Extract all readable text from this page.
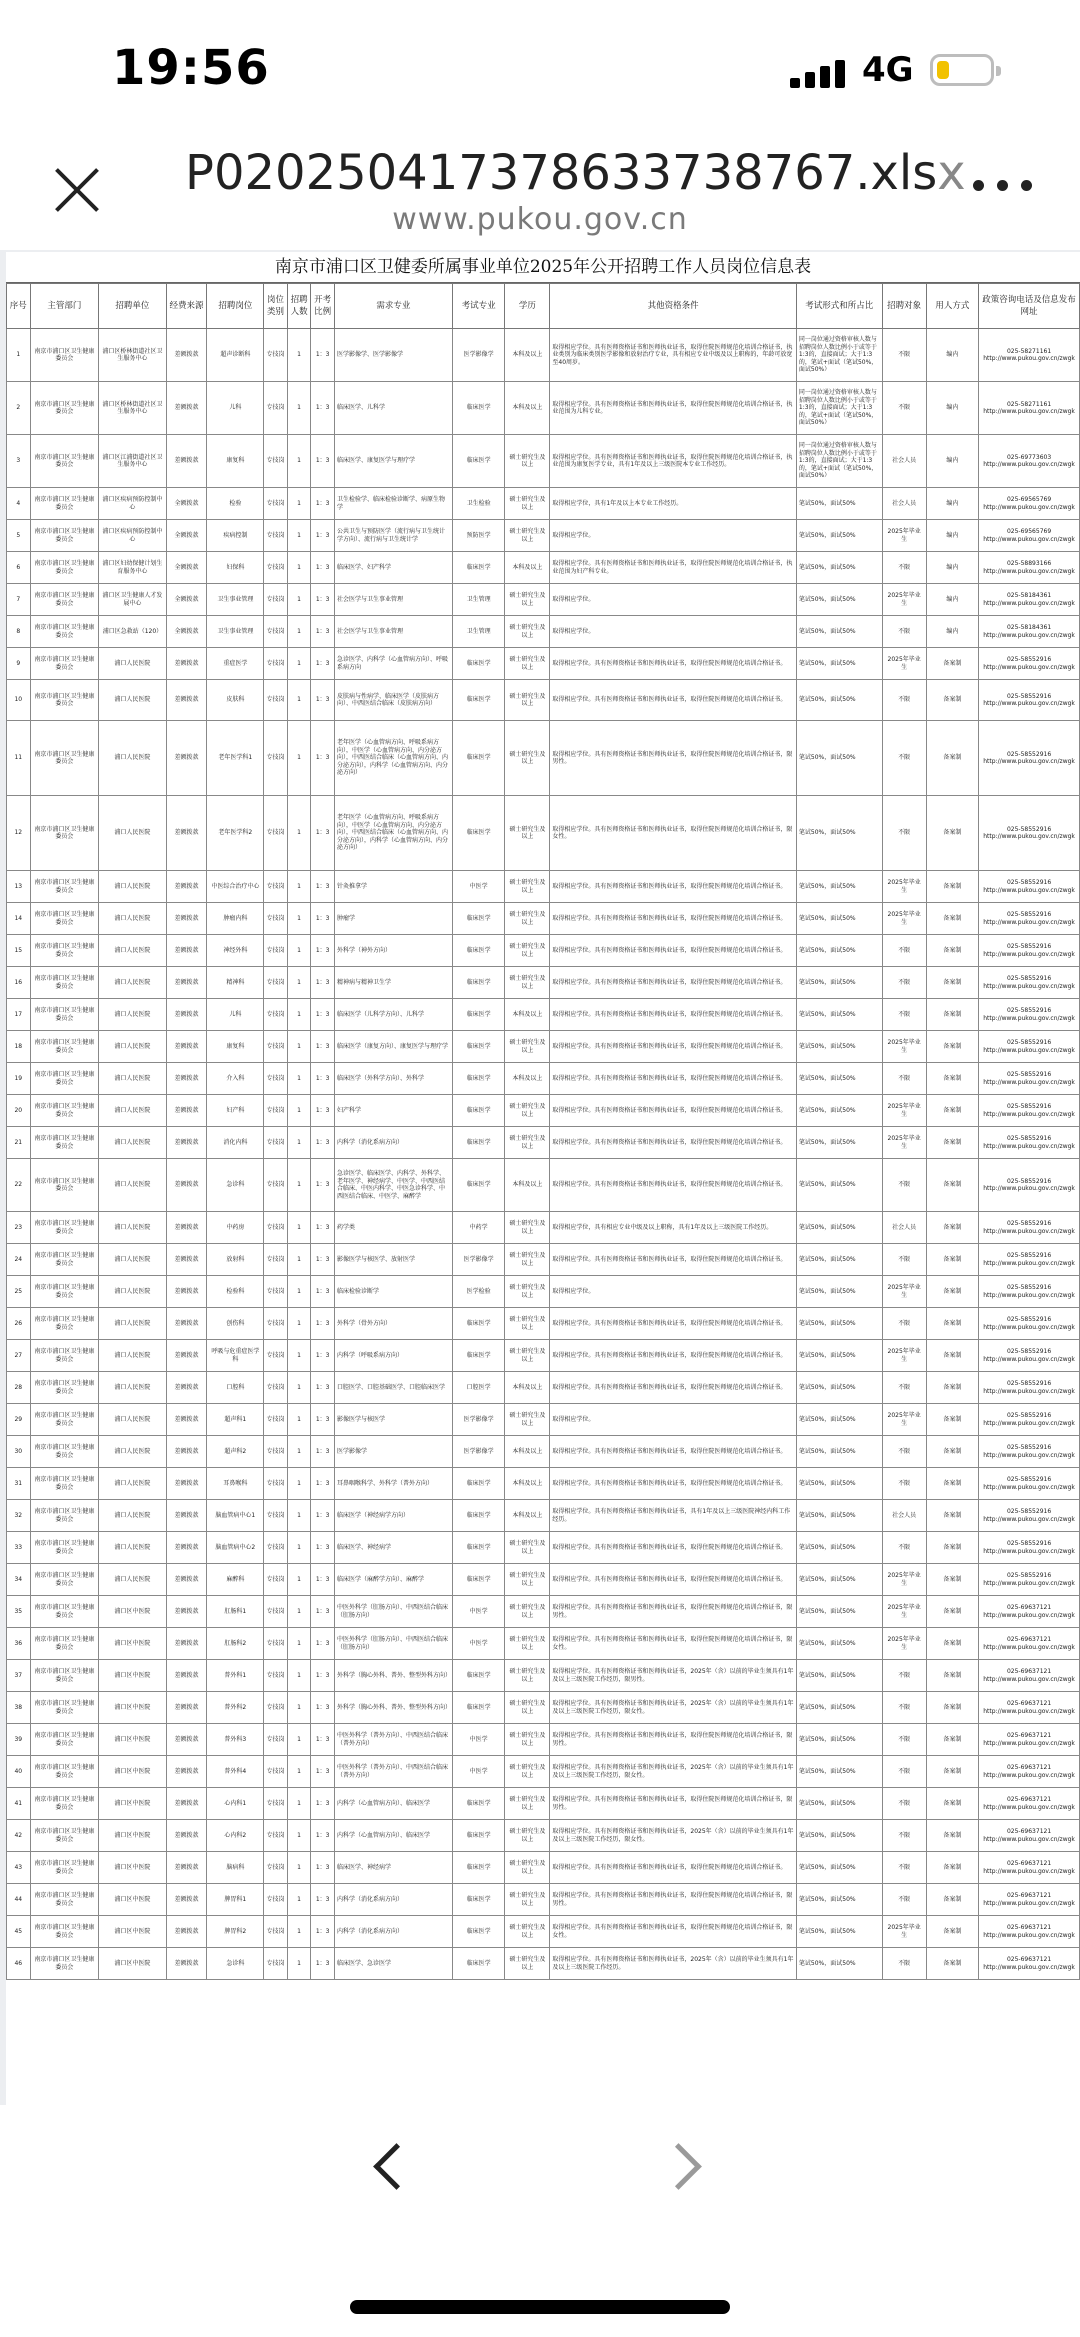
19:56	4G
P020250417378633738767.xlsx
www.pukou.gov.cn
南京市浦口区卫健委所属事业单位2025年公开招聘工作人员岗位信息表
序号	主管部门	招聘单位	经费来源	招聘岗位	岗位类别	招聘人数	开考比例	需求专业	考试专业	学历	其他资格条件	考试形式和所占比	招聘对象	用人方式	政策咨询电话及信息发布网址
1	南京市浦口区卫生健康委员会	浦口区桥林街道社区卫生服务中心	差额拨款	超声诊断科	专技岗	1	1：3	医学影像学、医学影像学	医学影像学	本科及以上	取得相应学位。具有医师资格证书和医师执业证书，取得住院医师规范化培训合格证书，执业类别为临床类别医学影像和放射治疗专业，具有相应专业中级及以上职称的，年龄可放宽至40周岁。	同一岗位通过资格审核人数与招聘岗位人数比例小于或等于1:3的，直接面试；大于1:3的，笔试+面试（笔试50%，面试50%）	不限	编内	025-58271161 http://www.pukou.gov.cn/zwgk
2	南京市浦口区卫生健康委员会	浦口区桥林街道社区卫生服务中心	差额拨款	儿科	专技岗	1	1：3	临床医学、儿科学	临床医学	本科及以上	取得相应学位。具有医师资格证书和医师执业证书，取得住院医师规范化培训合格证书，执业范围为儿科专业。	同一岗位通过资格审核人数与招聘岗位人数比例小于或等于1:3的，直接面试；大于1:3的，笔试+面试（笔试50%，面试50%）	不限	编内	025-58271161 http://www.pukou.gov.cn/zwgk
3	南京市浦口区卫生健康委员会	浦口区江浦街道社区卫生服务中心	差额拨款	康复科	专技岗	1	1：3	临床医学、康复医学与理疗学	临床医学	硕士研究生及以上	取得相应学位。具有医师资格证书和医师执业证书，取得住院医师规范化培训合格证书，执业范围为康复医学专业，具有1年及以上三级医院本专业工作经历。	同一岗位通过资格审核人数与招聘岗位人数比例小于或等于1:3的，直接面试；大于1:3的，笔试+面试（笔试50%，面试50%）	社会人员	编内	025-69773603 http://www.pukou.gov.cn/zwgk
4	南京市浦口区卫生健康委员会	浦口区疾病预防控制中心	全额拨款	检验	专技岗	1	1：3	卫生检验学、临床检验诊断学、病原生物学	卫生检验	硕士研究生及以上	取得相应学位，具有1年及以上本专业工作经历。	笔试50%，面试50%	社会人员	编内	025-69565769 http://www.pukou.gov.cn/zwgk
5	南京市浦口区卫生健康委员会	浦口区疾病预防控制中心	全额拨款	疾病控制	专技岗	1	1：3	公共卫生与预防医学（流行病与卫生统计学方向）、流行病与卫生统计学	预防医学	硕士研究生及以上	取得相应学位。	笔试50%，面试50%	2025年毕业生	编内	025-69565769 http://www.pukou.gov.cn/zwgk
6	南京市浦口区卫生健康委员会	浦口区妇幼保健计划生育服务中心	全额拨款	妇保科	专技岗	1	1：3	临床医学、妇产科学	临床医学	本科及以上	取得相应学位。具有医师资格证书和医师执业证书，取得住院医师规范化培训合格证书，执业范围为妇产科专业。	笔试50%，面试50%	不限	编内	025-58893166 http://www.pukou.gov.cn/zwgk
7	南京市浦口区卫生健康委员会	浦口区卫生健康人才发展中心	全额拨款	卫生事业管理	专技岗	1	1：3	社会医学与卫生事业管理	卫生管理	硕士研究生及以上	取得相应学位。	笔试50%，面试50%	2025年毕业生	编内	025-58184361 http://www.pukou.gov.cn/zwgk
8	南京市浦口区卫生健康委员会	浦口区急救站（120）	全额拨款	卫生事业管理	专技岗	1	1：3	社会医学与卫生事业管理	卫生管理	硕士研究生及以上	取得相应学位。	笔试50%，面试50%	不限	编内	025-58184361 http://www.pukou.gov.cn/zwgk
9	南京市浦口区卫生健康委员会	浦口人民医院	差额拨款	重症医学	专技岗	1	1：3	急诊医学、内科学（心血管病方向）、呼吸系病方向	临床医学	硕士研究生及以上	取得相应学位。具有医师资格证书和医师执业证书，取得住院医师规范化培训合格证书。	笔试50%，面试50%	2025年毕业生	备案制	025-58552916 http://www.pukou.gov.cn/zwgk
10	南京市浦口区卫生健康委员会	浦口人民医院	差额拨款	皮肤科	专技岗	1	1：3	皮肤病与性病学、临床医学（皮肤病方向）、中西医结合临床（皮肤病方向）	临床医学	硕士研究生及以上	取得相应学位。具有医师资格证书和医师执业证书，取得住院医师规范化培训合格证书。	笔试50%，面试50%	不限	备案制	025-58552916 http://www.pukou.gov.cn/zwgk
11	南京市浦口区卫生健康委员会	浦口人民医院	差额拨款	老年医学科1	专技岗	1	1：3	老年医学（心血管病方向、呼吸系病方向），中医学（心血管病方向、内分泌方向），中西医结合临床（心血管病方向、内分泌方向），内科学（心血管病方向、内分泌方向）	临床医学	硕士研究生及以上	取得相应学位。具有医师资格证书和医师执业证书，取得住院医师规范化培训合格证书，限男性。	笔试50%，面试50%	不限	备案制	025-58552916 http://www.pukou.gov.cn/zwgk
12	南京市浦口区卫生健康委员会	浦口人民医院	差额拨款	老年医学科2	专技岗	1	1：3	老年医学（心血管病方向、呼吸系病方向），中医学（心血管病方向、内分泌方向），中西医结合临床（心血管病方向、内分泌方向），内科学（心血管病方向、内分泌方向）	临床医学	硕士研究生及以上	取得相应学位。具有医师资格证书和医师执业证书，取得住院医师规范化培训合格证书，限女性。	笔试50%，面试50%	不限	备案制	025-58552916 http://www.pukou.gov.cn/zwgk
13	南京市浦口区卫生健康委员会	浦口人民医院	差额拨款	中医综合治疗中心	专技岗	1	1：3	针灸推拿学	中医学	硕士研究生及以上	取得相应学位。具有医师资格证书和医师执业证书，取得住院医师规范化培训合格证书。	笔试50%，面试50%	2025年毕业生	备案制	025-58552916 http://www.pukou.gov.cn/zwgk
14	南京市浦口区卫生健康委员会	浦口人民医院	差额拨款	肿瘤内科	专技岗	1	1：3	肿瘤学	临床医学	硕士研究生及以上	取得相应学位。具有医师资格证书和医师执业证书，取得住院医师规范化培训合格证书。	笔试50%，面试50%	2025年毕业生	备案制	025-58552916 http://www.pukou.gov.cn/zwgk
15	南京市浦口区卫生健康委员会	浦口人民医院	差额拨款	神经外科	专技岗	1	1：3	外科学（神外方向）	临床医学	硕士研究生及以上	取得相应学位。具有医师资格证书和医师执业证书，取得住院医师规范化培训合格证书。	笔试50%，面试50%	不限	备案制	025-58552916 http://www.pukou.gov.cn/zwgk
16	南京市浦口区卫生健康委员会	浦口人民医院	差额拨款	精神科	专技岗	1	1：3	精神病与精神卫生学	临床医学	硕士研究生及以上	取得相应学位。具有医师资格证书和医师执业证书，取得住院医师规范化培训合格证书。	笔试50%，面试50%	不限	备案制	025-58552916 http://www.pukou.gov.cn/zwgk
17	南京市浦口区卫生健康委员会	浦口人民医院	差额拨款	儿科	专技岗	1	1：3	临床医学（儿科学方向）、儿科学	临床医学	本科及以上	取得相应学位。具有医师资格证书和医师执业证书，取得住院医师规范化培训合格证书。	笔试50%，面试50%	不限	备案制	025-58552916 http://www.pukou.gov.cn/zwgk
18	南京市浦口区卫生健康委员会	浦口人民医院	差额拨款	康复科	专技岗	1	1：3	临床医学（康复方向）、康复医学与理疗学	临床医学	硕士研究生及以上	取得相应学位。具有医师资格证书和医师执业证书，取得住院医师规范化培训合格证书。	笔试50%，面试50%	2025年毕业生	备案制	025-58552916 http://www.pukou.gov.cn/zwgk
19	南京市浦口区卫生健康委员会	浦口人民医院	差额拨款	介入科	专技岗	1	1：3	临床医学（外科学方向）、外科学	临床医学	本科及以上	取得相应学位。具有医师资格证书和医师执业证书，取得住院医师规范化培训合格证书。	笔试50%，面试50%	不限	备案制	025-58552916 http://www.pukou.gov.cn/zwgk
20	南京市浦口区卫生健康委员会	浦口人民医院	差额拨款	妇产科	专技岗	1	1：3	妇产科学	临床医学	硕士研究生及以上	取得相应学位。具有医师资格证书和医师执业证书，取得住院医师规范化培训合格证书。	笔试50%，面试50%	2025年毕业生	备案制	025-58552916 http://www.pukou.gov.cn/zwgk
21	南京市浦口区卫生健康委员会	浦口人民医院	差额拨款	消化内科	专技岗	1	1：3	内科学（消化系病方向）	临床医学	硕士研究生及以上	取得相应学位。具有医师资格证书和医师执业证书，取得住院医师规范化培训合格证书。	笔试50%，面试50%	2025年毕业生	备案制	025-58552916 http://www.pukou.gov.cn/zwgk
22	南京市浦口区卫生健康委员会	浦口人民医院	差额拨款	急诊科	专技岗	1	1：3	急诊医学、临床医学、内科学、外科学、老年医学、神经病学、中医学、中西医结合临床、中医内科学、中医急诊科学、中西医结合临床、中医学、麻醉学	临床医学	本科及以上	取得相应学位。具有医师资格证书和医师执业证书，取得住院医师规范化培训合格证书。	笔试50%，面试50%	不限	备案制	025-58552916 http://www.pukou.gov.cn/zwgk
23	南京市浦口区卫生健康委员会	浦口人民医院	差额拨款	中药房	专技岗	1	1：3	药学类	中药学	硕士研究生及以上	取得相应学位，具有相应专业中级及以上职称，具有1年及以上三级医院工作经历。	笔试50%，面试50%	社会人员	备案制	025-58552916 http://www.pukou.gov.cn/zwgk
24	南京市浦口区卫生健康委员会	浦口人民医院	差额拨款	放射科	专技岗	1	1：3	影像医学与核医学、放射医学	医学影像学	硕士研究生及以上	取得相应学位。具有医师资格证书和医师执业证书，取得住院医师规范化培训合格证书。	笔试50%，面试50%	不限	备案制	025-58552916 http://www.pukou.gov.cn/zwgk
25	南京市浦口区卫生健康委员会	浦口人民医院	差额拨款	检验科	专技岗	1	1：3	临床检验诊断学	医学检验	硕士研究生及以上	取得相应学位。	笔试50%，面试50%	2025年毕业生	备案制	025-58552916 http://www.pukou.gov.cn/zwgk
26	南京市浦口区卫生健康委员会	浦口人民医院	差额拨款	创伤科	专技岗	1	1：3	外科学（骨外方向）	临床医学	硕士研究生及以上	取得相应学位。具有医师资格证书和医师执业证书，取得住院医师规范化培训合格证书。	笔试50%，面试50%	不限	备案制	025-58552916 http://www.pukou.gov.cn/zwgk
27	南京市浦口区卫生健康委员会	浦口人民医院	差额拨款	呼吸与危重症医学科	专技岗	1	1：3	内科学（呼吸系病方向）	临床医学	硕士研究生及以上	取得相应学位。具有医师资格证书和医师执业证书，取得住院医师规范化培训合格证书。	笔试50%，面试50%	2025年毕业生	备案制	025-58552916 http://www.pukou.gov.cn/zwgk
28	南京市浦口区卫生健康委员会	浦口人民医院	差额拨款	口腔科	专技岗	1	1：3	口腔医学、口腔基础医学、口腔临床医学	口腔医学	本科及以上	取得相应学位。具有医师资格证书和医师执业证书，取得住院医师规范化培训合格证书。	笔试50%，面试50%	不限	备案制	025-58552916 http://www.pukou.gov.cn/zwgk
29	南京市浦口区卫生健康委员会	浦口人民医院	差额拨款	超声科1	专技岗	1	1：3	影像医学与核医学	医学影像学	硕士研究生及以上	取得相应学位。	笔试50%，面试50%	2025年毕业生	备案制	025-58552916 http://www.pukou.gov.cn/zwgk
30	南京市浦口区卫生健康委员会	浦口人民医院	差额拨款	超声科2	专技岗	1	1：3	医学影像学	医学影像学	本科及以上	取得相应学位。具有医师资格证书和医师执业证书，取得住院医师规范化培训合格证书。	笔试50%，面试50%	不限	备案制	025-58552916 http://www.pukou.gov.cn/zwgk
31	南京市浦口区卫生健康委员会	浦口人民医院	差额拨款	耳鼻喉科	专技岗	1	1：3	耳鼻咽喉科学、外科学（普外方向）	临床医学	本科及以上	取得相应学位。具有医师资格证书和医师执业证书，取得住院医师规范化培训合格证书。	笔试50%，面试50%	不限	备案制	025-58552916 http://www.pukou.gov.cn/zwgk
32	南京市浦口区卫生健康委员会	浦口人民医院	差额拨款	脑血管病中心1	专技岗	1	1：3	临床医学（神经病学方向）	临床医学	本科及以上	取得相应学位。具有医师资格证书和医师执业证书，具有1年及以上三级医院神经内科工作经历。	笔试50%，面试50%	社会人员	备案制	025-58552916 http://www.pukou.gov.cn/zwgk
33	南京市浦口区卫生健康委员会	浦口人民医院	差额拨款	脑血管病中心2	专技岗	1	1：3	临床医学、神经病学	临床医学	硕士研究生及以上	取得相应学位。具有医师资格证书和医师执业证书，取得住院医师规范化培训合格证书。	笔试50%，面试50%	不限	备案制	025-58552916 http://www.pukou.gov.cn/zwgk
34	南京市浦口区卫生健康委员会	浦口人民医院	差额拨款	麻醉科	专技岗	1	1：3	临床医学（麻醉学方向）、麻醉学	临床医学	硕士研究生及以上	取得相应学位。具有医师资格证书和医师执业证书，取得住院医师规范化培训合格证书。	笔试50%，面试50%	2025年毕业生	备案制	025-58552916 http://www.pukou.gov.cn/zwgk
35	南京市浦口区卫生健康委员会	浦口区中医院	差额拨款	肛肠科1	专技岗	1	1：3	中医外科学（肛肠方向）、中西医结合临床（肛肠方向）	中医学	硕士研究生及以上	取得相应学位。具有医师资格证书和医师执业证书，取得住院医师规范化培训合格证书，限男性。	笔试50%，面试50%	2025年毕业生	备案制	025-69637121 http://www.pukou.gov.cn/zwgk
36	南京市浦口区卫生健康委员会	浦口区中医院	差额拨款	肛肠科2	专技岗	1	1：3	中医外科学（肛肠方向）、中西医结合临床（肛肠方向）	中医学	硕士研究生及以上	取得相应学位。具有医师资格证书和医师执业证书，取得住院医师规范化培训合格证书，限女性。	笔试50%，面试50%	2025年毕业生	备案制	025-69637121 http://www.pukou.gov.cn/zwgk
37	南京市浦口区卫生健康委员会	浦口区中医院	差额拨款	普外科1	专技岗	1	1：3	外科学（胸心外科、普外、整型外科方向）	临床医学	硕士研究生及以上	取得相应学位。具有医师资格证书和医师执业证书，2025年（含）以前的毕业生须具有1年及以上三级医院工作经历，限男性。	笔试50%，面试50%	不限	备案制	025-69637121 http://www.pukou.gov.cn/zwgk
38	南京市浦口区卫生健康委员会	浦口区中医院	差额拨款	普外科2	专技岗	1	1：3	外科学（胸心外科、普外、整型外科方向）	临床医学	硕士研究生及以上	取得相应学位。具有医师资格证书和医师执业证书，2025年（含）以前的毕业生须具有1年及以上三级医院工作经历，限女性。	笔试50%，面试50%	不限	备案制	025-69637121 http://www.pukou.gov.cn/zwgk
39	南京市浦口区卫生健康委员会	浦口区中医院	差额拨款	普外科3	专技岗	1	1：3	中医外科学（普外方向）、中西医结合临床（普外方向）	中医学	硕士研究生及以上	取得相应学位。具有医师资格证书和医师执业证书，取得住院医师规范化培训合格证书，限男性。	笔试50%，面试50%	不限	备案制	025-69637121 http://www.pukou.gov.cn/zwgk
40	南京市浦口区卫生健康委员会	浦口区中医院	差额拨款	普外科4	专技岗	1	1：3	中医外科学（普外方向）、中西医结合临床（普外方向）	中医学	硕士研究生及以上	取得相应学位。具有医师资格证书和医师执业证书，2025年（含）以前的毕业生须具有1年及以上三级医院工作经历，限女性。	笔试50%，面试50%	不限	备案制	025-69637121 http://www.pukou.gov.cn/zwgk
41	南京市浦口区卫生健康委员会	浦口区中医院	差额拨款	心内科1	专技岗	1	1：3	内科学（心血管病方向）、临床医学	临床医学	硕士研究生及以上	取得相应学位。具有医师资格证书和医师执业证书，取得住院医师规范化培训合格证书，限男性。	笔试50%，面试50%	不限	备案制	025-69637121 http://www.pukou.gov.cn/zwgk
42	南京市浦口区卫生健康委员会	浦口区中医院	差额拨款	心内科2	专技岗	1	1：3	内科学（心血管病方向）、临床医学	临床医学	硕士研究生及以上	取得相应学位。具有医师资格证书和医师执业证书，2025年（含）以前的毕业生须具有1年及以上三级医院工作经历，限女性。	笔试50%，面试50%	不限	备案制	025-69637121 http://www.pukou.gov.cn/zwgk
43	南京市浦口区卫生健康委员会	浦口区中医院	差额拨款	脑病科	专技岗	1	1：3	临床医学、神经病学	临床医学	硕士研究生及以上	取得相应学位。具有医师资格证书和医师执业证书，取得住院医师规范化培训合格证书。	笔试50%，面试50%	不限	备案制	025-69637121 http://www.pukou.gov.cn/zwgk
44	南京市浦口区卫生健康委员会	浦口区中医院	差额拨款	脾胃科1	专技岗	1	1：3	内科学（消化系病方向）	临床医学	硕士研究生及以上	取得相应学位。具有医师资格证书和医师执业证书，取得住院医师规范化培训合格证书，限男性。	笔试50%，面试50%	不限	备案制	025-69637121 http://www.pukou.gov.cn/zwgk
45	南京市浦口区卫生健康委员会	浦口区中医院	差额拨款	脾胃科2	专技岗	1	1：3	内科学（消化系病方向）	临床医学	硕士研究生及以上	取得相应学位。具有医师资格证书和医师执业证书，取得住院医师规范化培训合格证书，限女性。	笔试50%，面试50%	2025年毕业生	备案制	025-69637121 http://www.pukou.gov.cn/zwgk
46	南京市浦口区卫生健康委员会	浦口区中医院	差额拨款	急诊科	专技岗	1	1：3	临床医学、急诊医学	临床医学	硕士研究生及以上	取得相应学位。具有医师资格证书和医师执业证书，2025年（含）以前的毕业生须具有1年及以上三级医院工作经历。	笔试50%，面试50%	不限	备案制	025-69637121 http://www.pukou.gov.cn/zwgk
